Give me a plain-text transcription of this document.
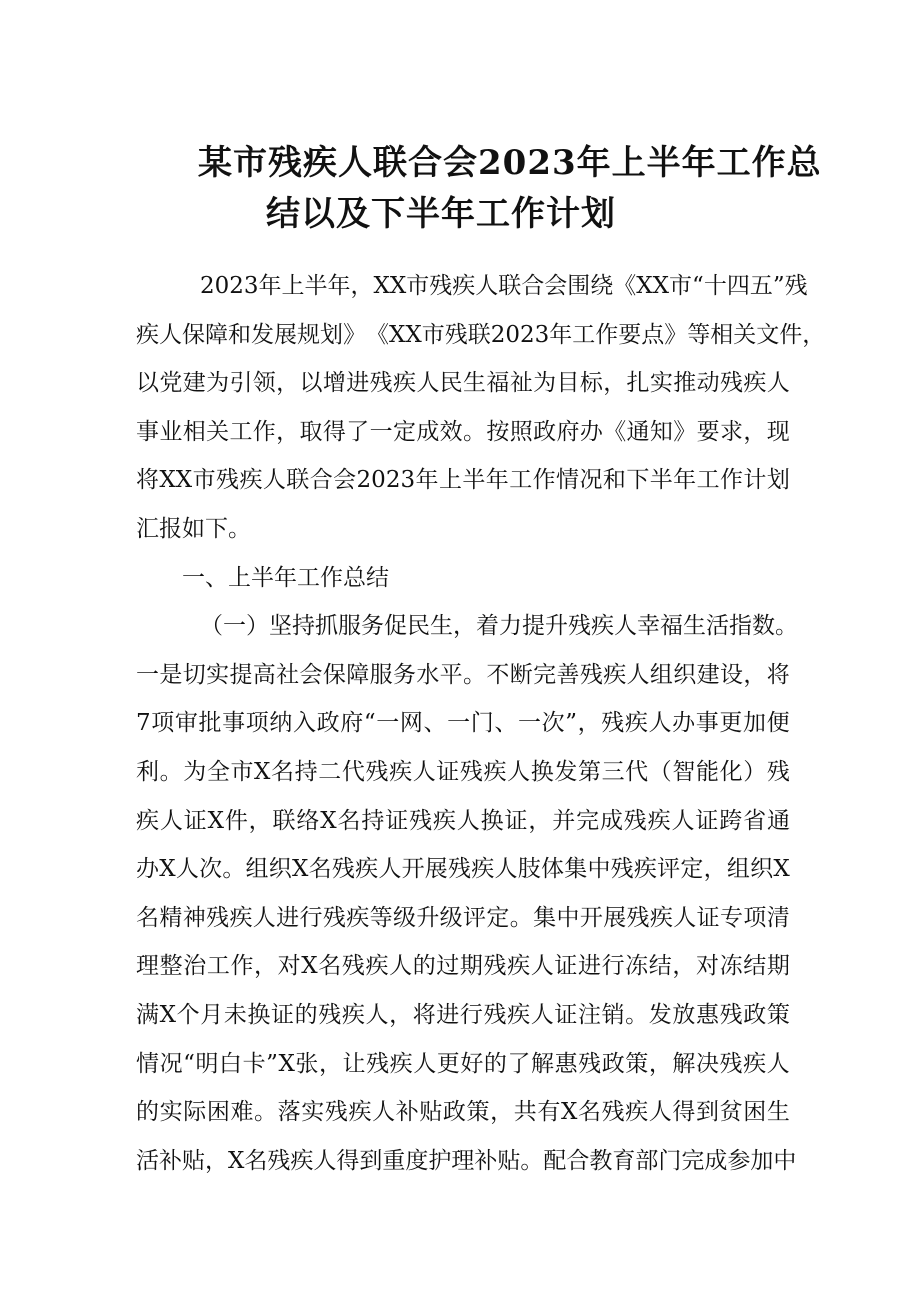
某市残疾人联合会2023年上半年工作总
结以及下半年工作计划
2023 年 上 半 年 ， XX 市 残 疾 人 联 合 会 围 绕 《 XX 市 “ 十 四 五 ” 残
疾 人 保 障 和 发 展 规 划 》 《 XX 市 残 联 2023 年 工 作 要 点 》 等 相 关 文 件 ，
以 党 建 为 引 领 ， 以 增 进 残 疾 人 民 生 福 祉 为 目 标 ， 扎 实 推 动 残 疾 人
事 业 相 关 工 作 ， 取 得 了 一 定 成 效 。 按 照 政 府 办 《 通 知 》 要 求 ， 现
将 XX 市 残 疾 人 联 合 会 2023 年 上 半 年 工 作 情 况 和 下 半 年 工 作 计 划
汇报如下。
一、上半年工作总结
（ 一 ） 坚 持 抓 服 务 促 民 生 ， 着 力 提 升 残 疾 人 幸 福 生 活 指 数 。
一 是 切 实 提 高 社 会 保 障 服 务 水 平 。 不 断 完 善 残 疾 人 组 织 建 设 ， 将
7 项 审 批 事 项 纳 入 政 府 “ 一 网 、 一 门 、 一 次 ” ， 残 疾 人 办 事 更 加 便
利 。 为 全 市 X 名 持 二 代 残 疾 人 证 残 疾 人 换 发 第 三 代 （ 智 能 化 ） 残
疾 人 证 X 件 ， 联 络 X 名 持 证 残 疾 人 换 证 ， 并 完 成 残 疾 人 证 跨 省 通
办 X 人 次 。 组 织 X 名 残 疾 人 开 展 残 疾 人 肢 体 集 中 残 疾 评 定 ， 组 织 X
名 精 神 残 疾 人 进 行 残 疾 等 级 升 级 评 定 。 集 中 开 展 残 疾 人 证 专 项 清
理 整 治 工 作 ， 对 X 名 残 疾 人 的 过 期 残 疾 人 证 进 行 冻 结 ， 对 冻 结 期
满 X 个 月 未 换 证 的 残 疾 人 ， 将 进 行 残 疾 人 证 注 销 。 发 放 惠 残 政 策
情 况 “ 明 白 卡 ” X 张 ， 让 残 疾 人 更 好 的 了 解 惠 残 政 策 ， 解 决 残 疾 人
的 实 际 困 难 。 落 实 残 疾 人 补 贴 政 策 ， 共 有 X 名 残 疾 人 得 到 贫 困 生
活 补 贴 ， X 名 残 疾 人 得 到 重 度 护 理 补 贴 。 配 合 教 育 部 门 完 成 参 加 中
